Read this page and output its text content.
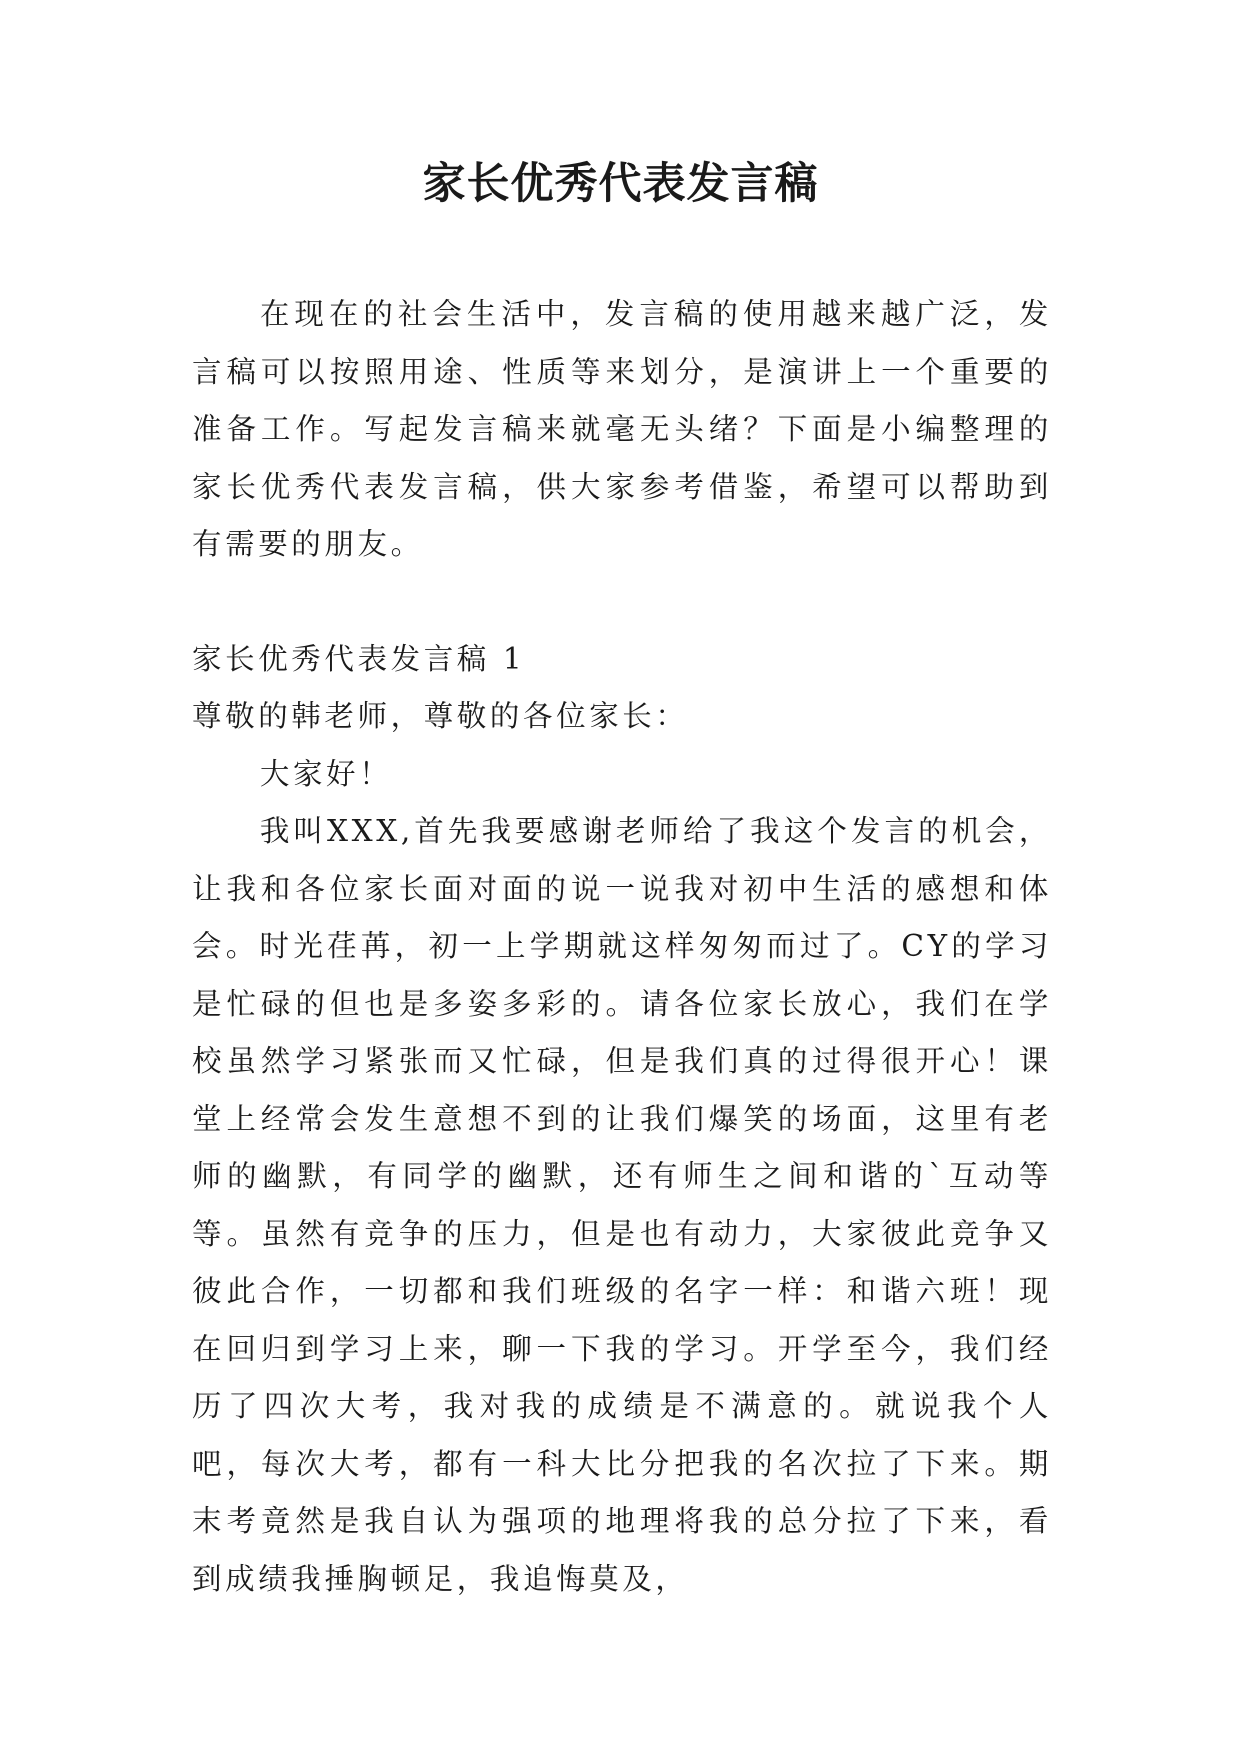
家长优秀代表发言稿

在现在的社会生活中，发言稿的使用越来越广泛，发言稿可以按照用途、性质等来划分，是演讲上一个重要的准备工作。写起发言稿来就毫无头绪？下面是小编整理的家长优秀代表发言稿，供大家参考借鉴，希望可以帮助到有需要的朋友。

家长优秀代表发言稿 1

尊敬的韩老师，尊敬的各位家长：

大家好！

我叫XXX,首先我要感谢老师给了我这个发言的机会，让我和各位家长面对面的说一说我对初中生活的感想和体会。时光荏苒，初一上学期就这样匆匆而过了。CY的学习是忙碌的但也是多姿多彩的。请各位家长放心，我们在学校虽然学习紧张而又忙碌，但是我们真的过得很开心！课堂上经常会发生意想不到的让我们爆笑的场面，这里有老师的幽默，有同学的幽默，还有师生之间和谐的`互动等等。虽然有竞争的压力，但是也有动力，大家彼此竞争又彼此合作，一切都和我们班级的名字一样：和谐六班！现在回归到学习上来，聊一下我的学习。开学至今，我们经历了四次大考，我对我的成绩是不满意的。就说我个人吧，每次大考，都有一科大比分把我的名次拉了下来。期末考竟然是我自认为强项的地理将我的总分拉了下来，看到成绩我捶胸顿足，我追悔莫及，
